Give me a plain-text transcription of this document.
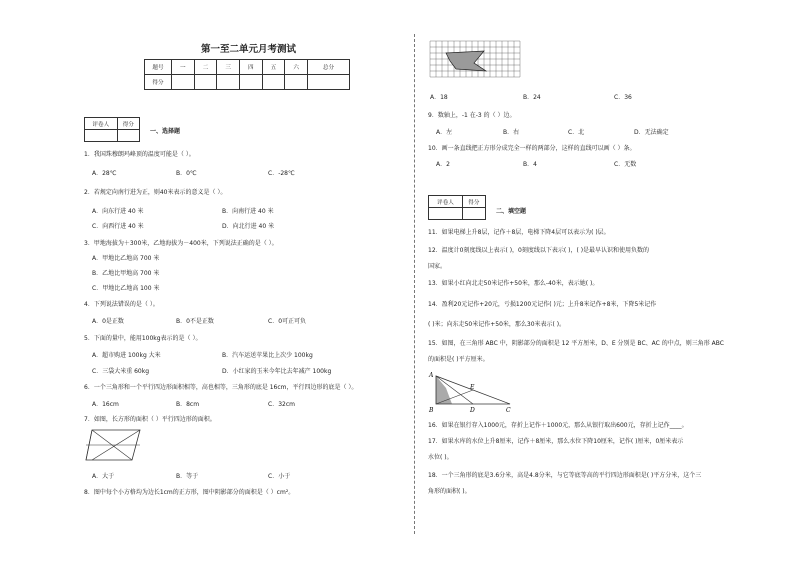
第一至二单元月考测试
题号	一	二	三	四	五	六	总分
得分							
评卷人	得分

一、选择题
1．我国珠穆朗玛峰顶的温度可能是（ ）。
A．28℃	B．0℃	C．-28℃
2．若规定向南行进为正，则40米表示的意义是（ ）。
A．向东行进 40 米	B．向南行进 40 米
C．向西行进 40 米	D．向北行进 40 米
3．甲地海拔为＋300米，乙地海拔为－400米，下列说法正确的是（ ）。
A．甲地比乙地高 700 米
B．乙地比甲地高 700 米
C．甲地比乙地高 100 米
4．下列说法错误的是（ ）。
A．0是正数	B．0不是正数	C．0可正可负
5．下面的量中，能用100kg表示的是（ ）。
A．超市购进 100kg 大米	B．汽车运送苹果比上次少 100kg
C．三袋大米重 60kg	D．小红家的玉米今年比去年减产 100kg
6．一个三角形和一个平行四边形面积相等，高也相等，三角形的底是 16cm，平行四边形的底是（ ）。
A．16cm	B．8cm	C．32cm
7．如图，长方形的面积（ ）平行四边形的面积。
A．大于	B．等于	C．小于
8．图中每个小方格均为边长1cm的正方形，图中阴影部分的面积是（ ）cm²。
A．18	B．24	C．36
9．数轴上，-1 在-3 的（ ）边。
A．左	B．右	C．北	D．无法确定
10．画一条直线把正方形分成完全一样的两部分，这样的直线可以画（ ）条。
A．2	B．4	C．无数
评卷人	得分

二、填空题
11．如果电梯上升8层，记作＋8层，电梯下降4层可以表示为( )层。
12．温度计0刻度线以上表示( )，0刻度线以下表示( )，( )是最早认识和使用负数的
国家。
13．如果小红向北走50米记作+50米，那么-40米，表示她( )。
14．盈利20元记作+20元，亏损1200元记作( )元；上升8米记作+8米，下降5米记作
( )米；向东走50米记作+50米，那么30米表示( )。
15．如图，在三角形 ABC 中，阴影部分的面积是 12 平方厘米，D、E 分别是 BC、AC 的中点，则三角形 ABC
的面积是( )平方厘米。
A
B	C
D
E
16．如果在银行存入1000元，存折上记作＋1000元，那么从银行取出600元，存折上记作____。
17．如果水库的水位上升8厘米，记作＋8厘米，那么水位下降10厘米，记作( )厘米，0厘米表示
水位( )。
18．一个三角形的底是3.6分米，高是4.8分米，与它等底等高的平行四边形面积是( )平方分米，这个三
角形的面积( )。
